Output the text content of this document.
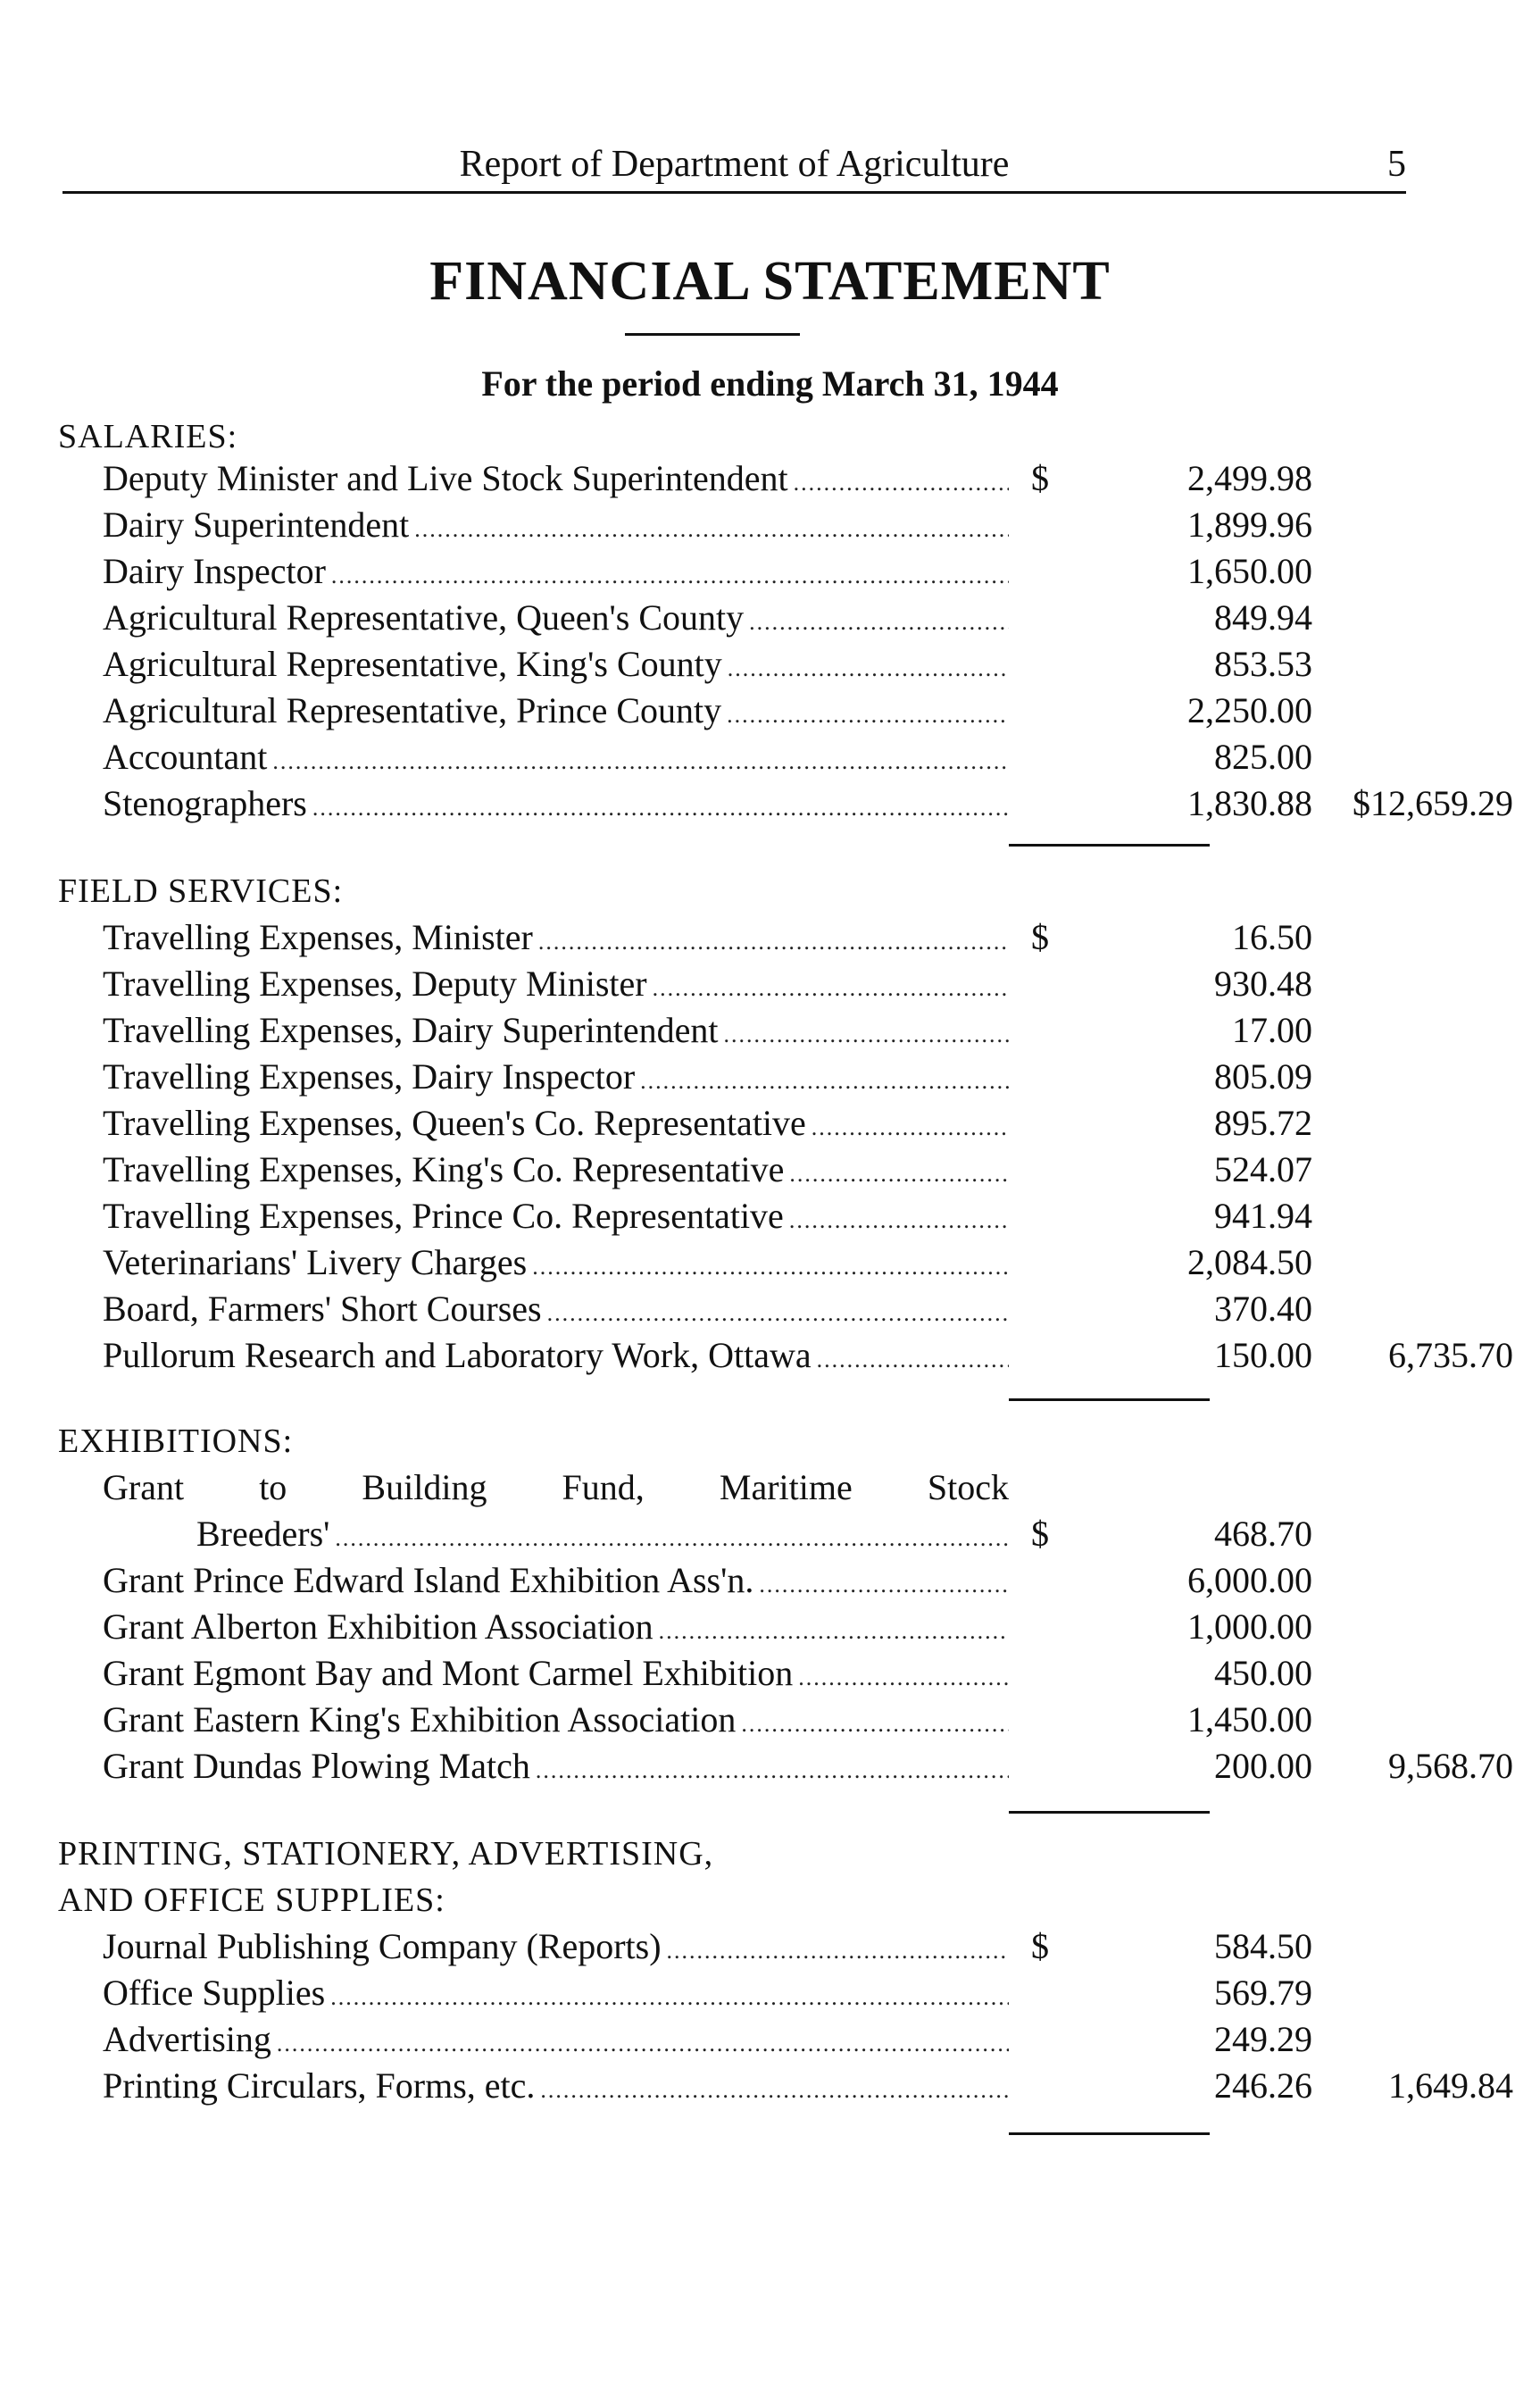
Report of Department of Agriculture	5
FINANCIAL STATEMENT
For the period ending March 31, 1944
SALARIES:
Deputy Minister and Live Stock Superintendent .....	$	2,499.98
Dairy Superintendent .....	1,899.96
Dairy Inspector .....	1,650.00
Agricultural Representative, Queen's County .....	849.94
Agricultural Representative, King's County .....	853.53
Agricultural Representative, Prince County .....	2,250.00
Accountant .....	825.00
Stenographers .....	1,830.88	$12,659.29
FIELD SERVICES:
Travelling Expenses, Minister .....	$	16.50
Travelling Expenses, Deputy Minister .....	930.48
Travelling Expenses, Dairy Superintendent .....	17.00
Travelling Expenses, Dairy Inspector .....	805.09
Travelling Expenses, Queen's Co. Representative .....	895.72
Travelling Expenses, King's Co. Representative .....	524.07
Travelling Expenses, Prince Co. Representative .....	941.94
Veterinarians' Livery Charges .....	2,084.50
Board, Farmers' Short Courses .....	370.40
Pullorum Research and Laboratory Work, Ottawa .....	150.00	6,735.70
EXHIBITIONS:
Grant to Building Fund, Maritime Stock
Breeders' .....	$	468.70
Grant Prince Edward Island Exhibition Ass'n. .....	6,000.00
Grant Alberton Exhibition Association .....	1,000.00
Grant Egmont Bay and Mont Carmel Exhibition .....	450.00
Grant Eastern King's Exhibition Association .....	1,450.00
Grant Dundas Plowing Match .....	200.00	9,568.70
PRINTING, STATIONERY, ADVERTISING,
AND OFFICE SUPPLIES:
Journal Publishing Company (Reports) .....	$	584.50
Office Supplies .....	569.79
Advertising .....	249.29
Printing Circulars, Forms, etc. .....	246.26	1,649.84
